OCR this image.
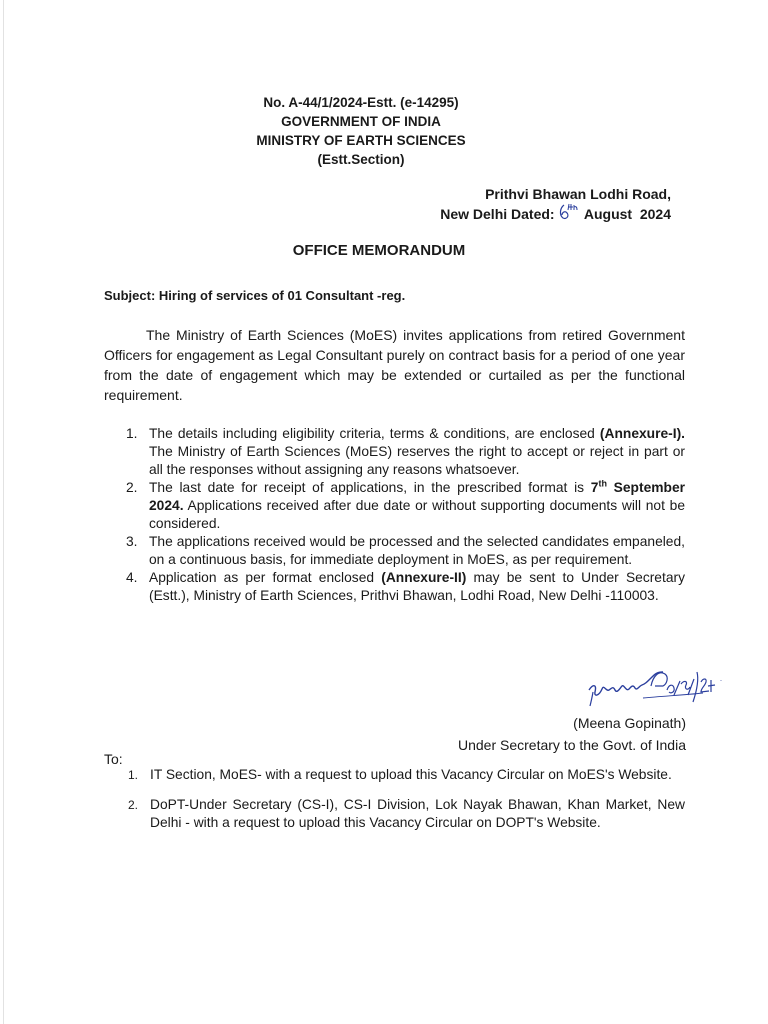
No. A-44/1/2024-Estt. (e-14295)
GOVERNMENT OF INDIA
MINISTRY OF EARTH SCIENCES
(Estt.Section)
Prithvi Bhawan Lodhi Road,
New Delhi Dated: August  2024
OFFICE MEMORANDUM
Subject: Hiring of services of 01 Consultant -reg.
The Ministry of Earth Sciences (MoES) invites applications from retired Government Officers for engagement as Legal Consultant purely on contract basis for a period of one year from the date of engagement which may be extended or curtailed as per the functional requirement.
1. The details including eligibility criteria, terms & conditions, are enclosed (Annexure-I). The Ministry of Earth Sciences (MoES) reserves the right to accept or reject in part or all the responses without assigning any reasons whatsoever.
2. The last date for receipt of applications, in the prescribed format is 7th September 2024. Applications received after due date or without supporting documents will not be considered.
3. The applications received would be processed and the selected candidates empaneled, on a continuous basis, for immediate deployment in MoES, as per requirement.
4. Application as per format enclosed (Annexure-II) may be sent to Under Secretary (Estt.), Ministry of Earth Sciences, Prithvi Bhawan, Lodhi Road, New Delhi -110003.
(Meena Gopinath)
Under Secretary to the Govt. of India
To:
1. IT Section, MoES- with a request to upload this Vacancy Circular on MoES's Website.
2. DoPT-Under Secretary (CS-I), CS-I Division, Lok Nayak Bhawan, Khan Market, New Delhi - with a request to upload this Vacancy Circular on DOPT's Website.
